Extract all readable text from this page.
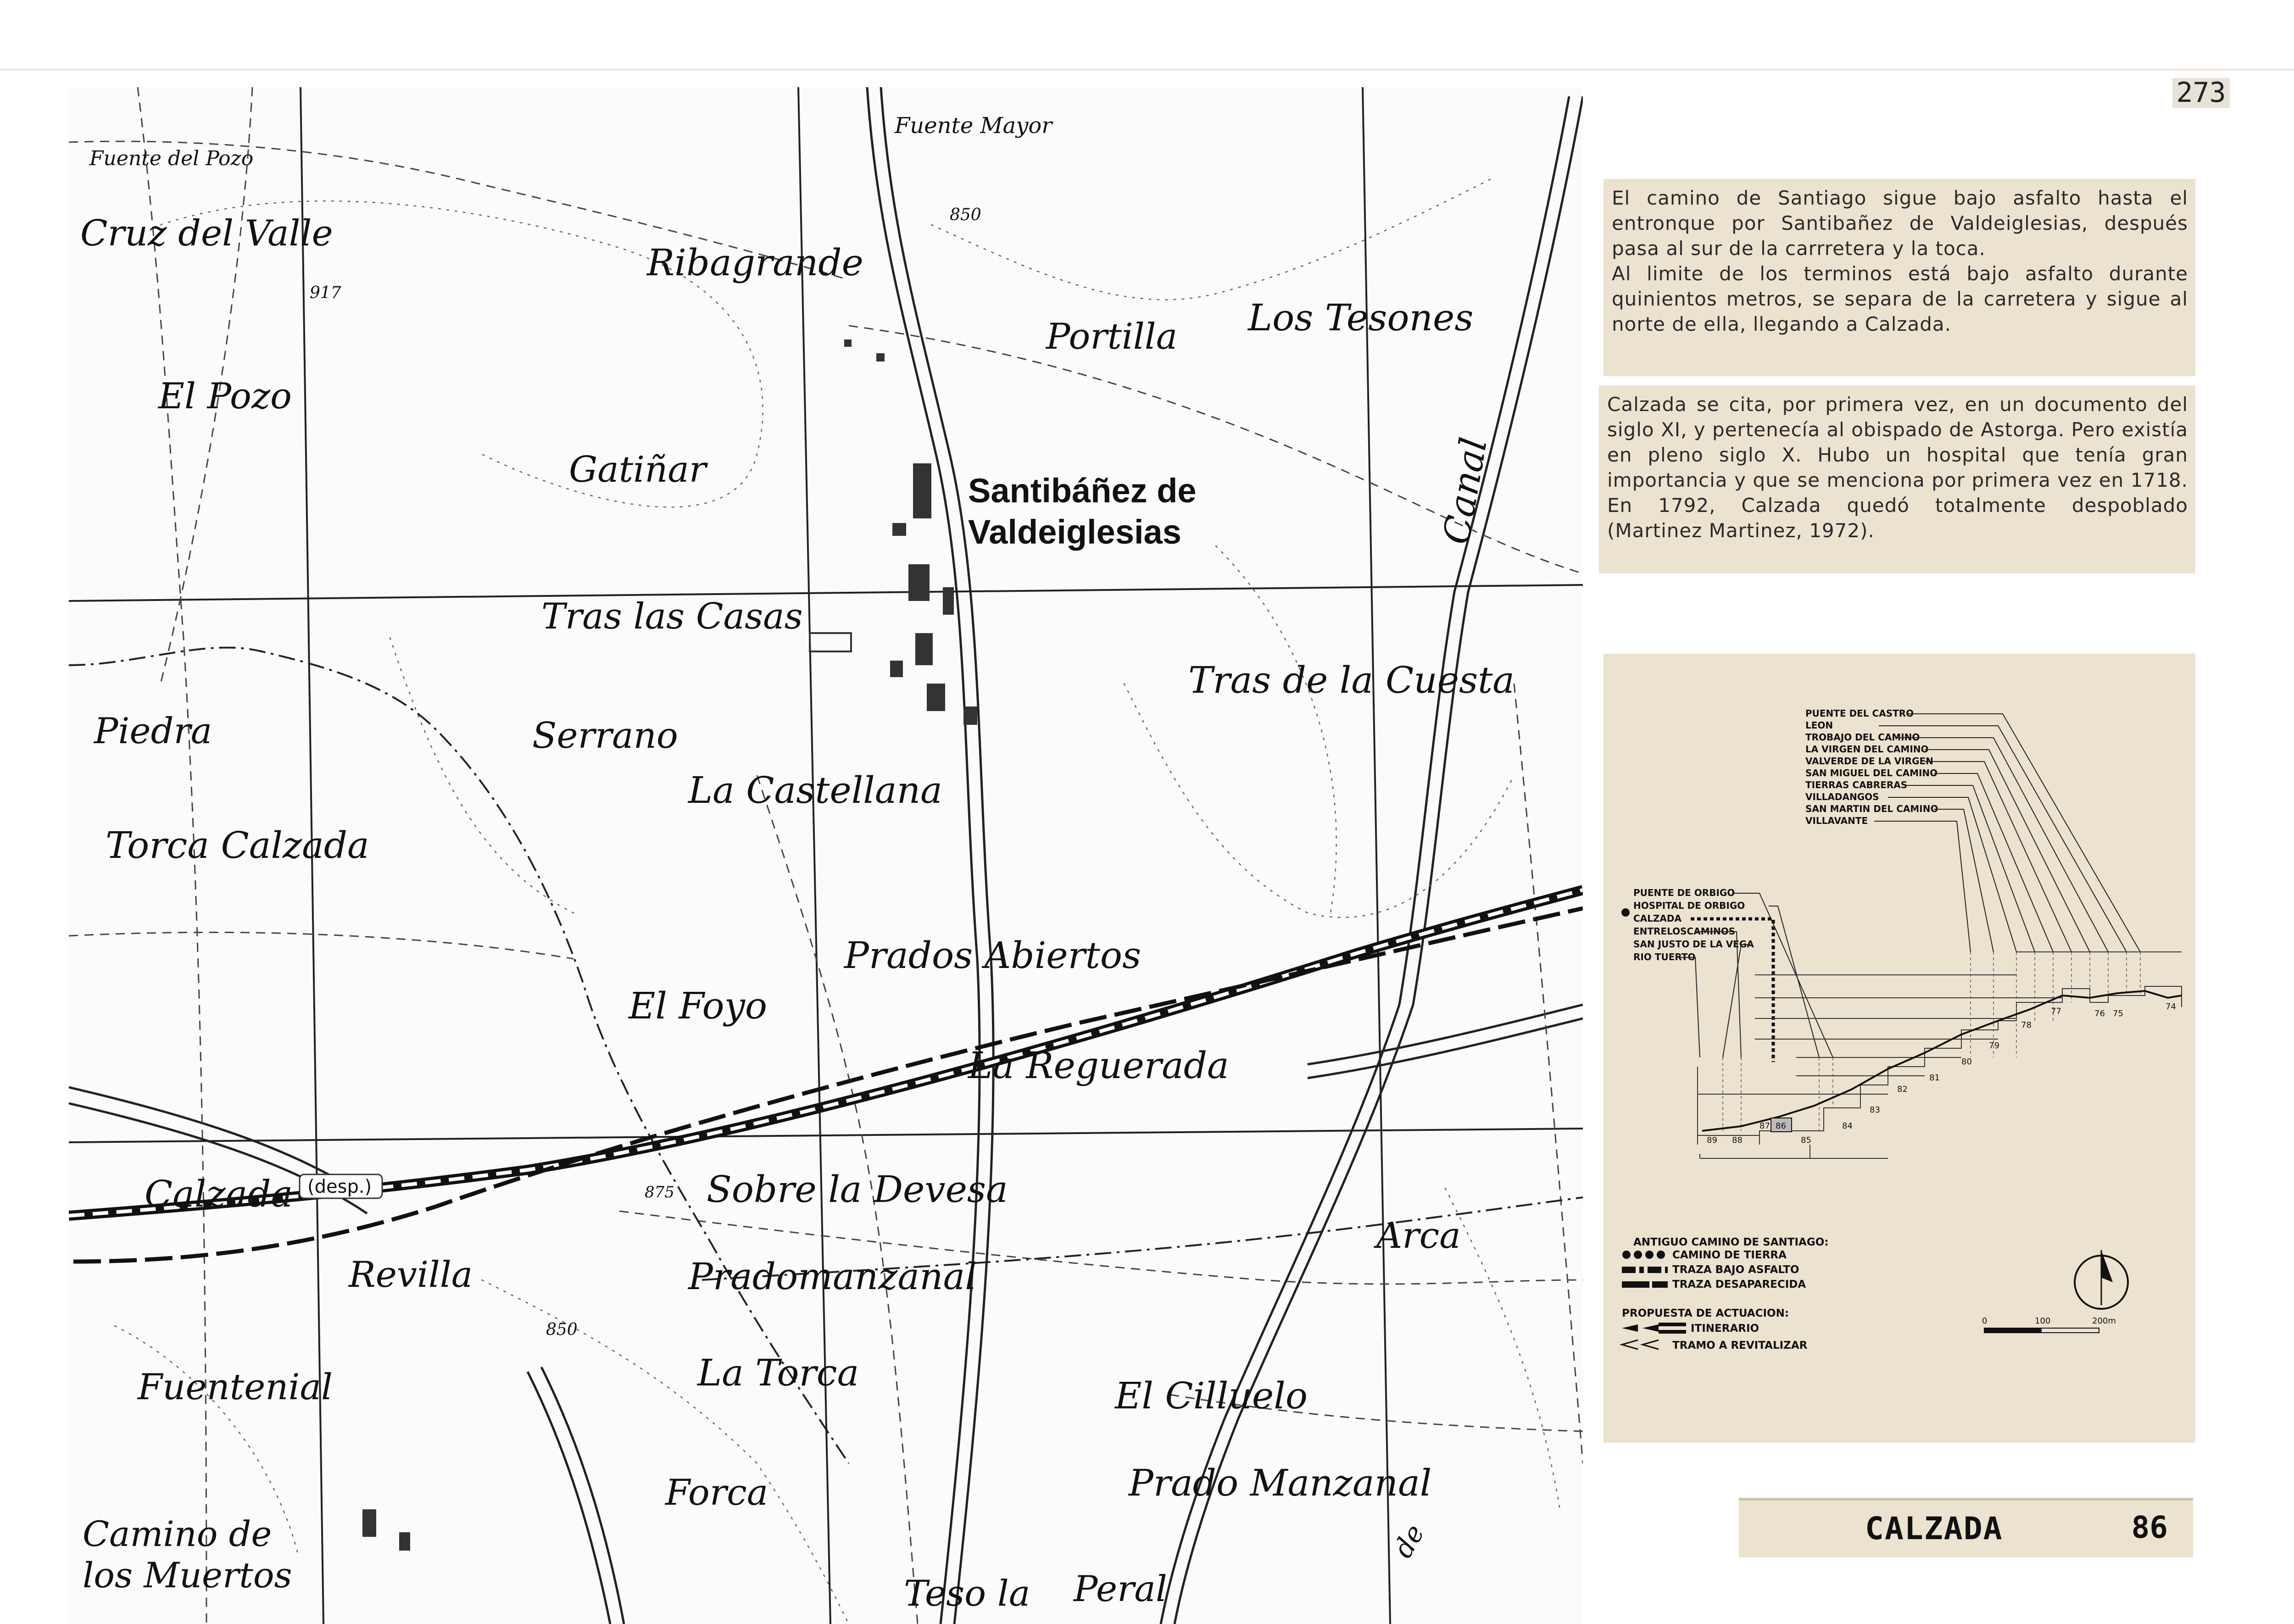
273
Fuente del Pozo
Cruz del Valle
917
El Pozo
Ribagrande
Fuente Mayor
850
Portilla Los Tesones
Canal
Gatiñar
Santibáñez de
Valdeiglesias
Tras las Casas
Tras de la Cuesta
Piedra	Serrano
La Castellana
Torca Calzada
Prados Abiertos
El Foyo
La Reguerada
Calzada (desp.)	875 Sobre la Devesa
Revilla
Arca
Pradomanzanal
850
Fuentenial	La Torca
El Cilluelo
Forca	Prado Manzanal
Camino de
los Muertos
de
Teso la Peral
El camino de Santiago sigue bajo asfalto hasta el entronque por Santibañez de Valdeiglesias, después pasa al sur de la carrretera y la toca.
Al limite de los terminos está bajo asfalto durante quinientos metros, se separa de la carretera y sigue al norte de ella, llegando a Calzada.
Calzada se cita, por primera vez, en un documento del siglo XI, y pertenecía al obispado de Astorga. Pero existía en pleno siglo X. Hubo un hospital que tenía gran importancia y que se menciona por primera vez en 1718. En 1792, Calzada quedó totalmente despoblado (Martinez Martinez, 1972).
PUENTE DEL CASTRO
LEON
TROBAJO DEL CAMINO
LA VIRGEN DEL CAMINO
VALVERDE DE LA VIRGEN
SAN MIGUEL DEL CAMINO
TIERRAS CABRERAS
VILLADANGOS
SAN MARTIN DEL CAMINO
VILLAVANTE
PUENTE DE ORBIGO
HOSPITAL DE ORBIGO
CALZADA
ENTRELOSCAMINOS
SAN JUSTO DE LA VEGA
RIO TUERTO
89 88
87 86
85
84
83
82
81
80
79
78
77	76 75
74
ANTIGUO CAMINO DE SANTIAGO:
CAMINO DE TIERRA
TRAZA BAJO ASFALTO
TRAZA DESAPARECIDA
PROPUESTA DE ACTUACION:
ITINERARIO
TRAMO A REVITALIZAR
0	100	200m
CALZADA	86
